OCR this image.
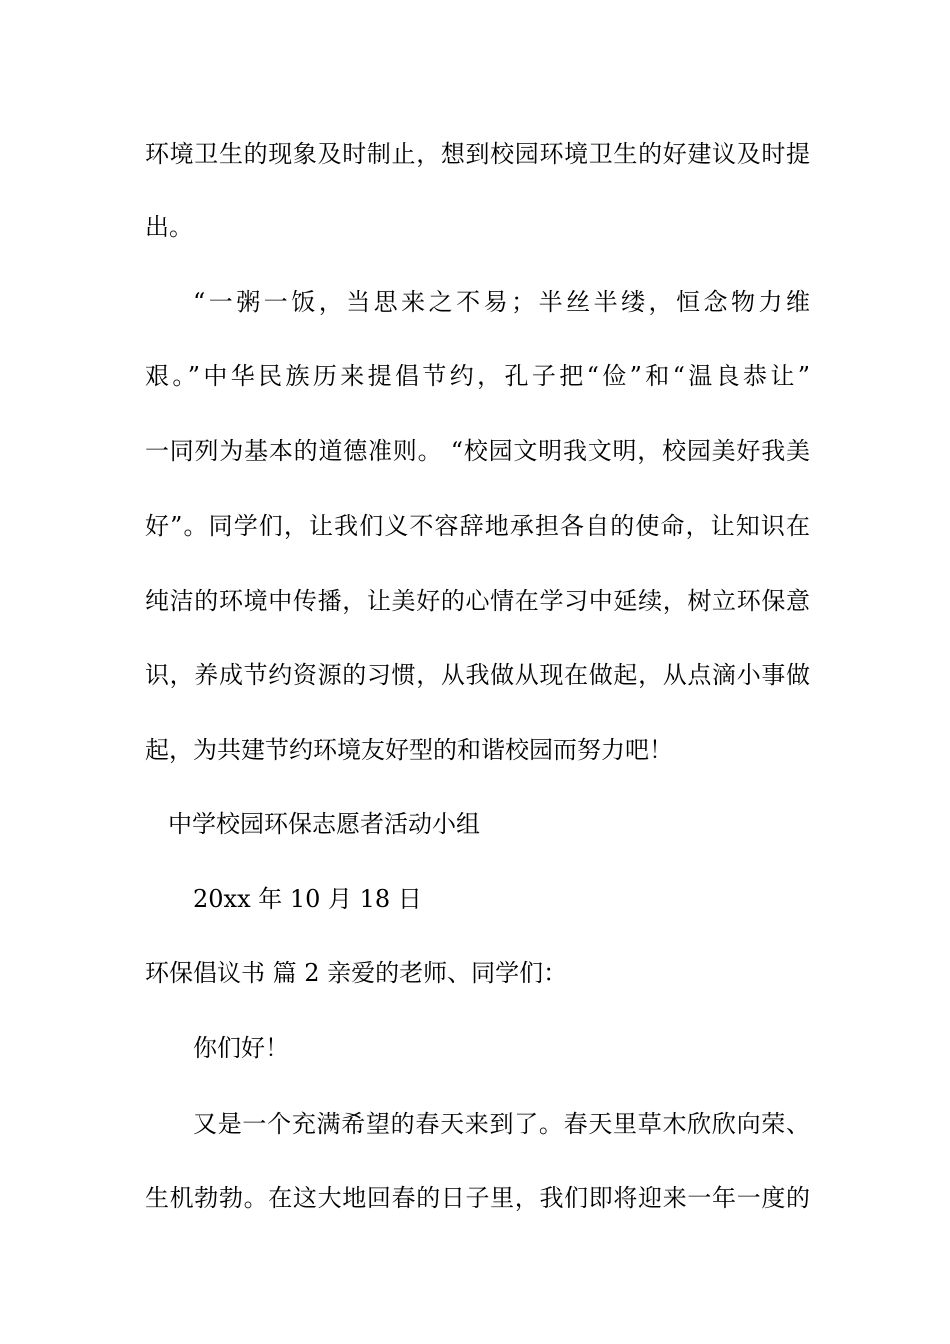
环境卫生的现象及时制止，想到校园环境卫生的好建议及时提
出。
“一粥一饭，当思来之不易；半丝半缕，恒念物力维
艰。”中华民族历来提倡节约，孔子把“俭”和“温良恭让”
一同列为基本的道德准则。 “校园文明我文明，校园美好我美
好”。同学们，让我们义不容辞地承担各自的使命，让知识在
纯洁的环境中传播，让美好的心情在学习中延续，树立环保意
识，养成节约资源的习惯，从我做从现在做起，从点滴小事做
起，为共建节约环境友好型的和谐校园而努力吧！
中学校园环保志愿者活动小组
20xx 年 10 月 18 日
环保倡议书 篇 2 亲爱的老师、同学们：
你们好！
又是一个充满希望的春天来到了。春天里草木欣欣向荣、
生机勃勃。在这大地回春的日子里，我们即将迎来一年一度的
